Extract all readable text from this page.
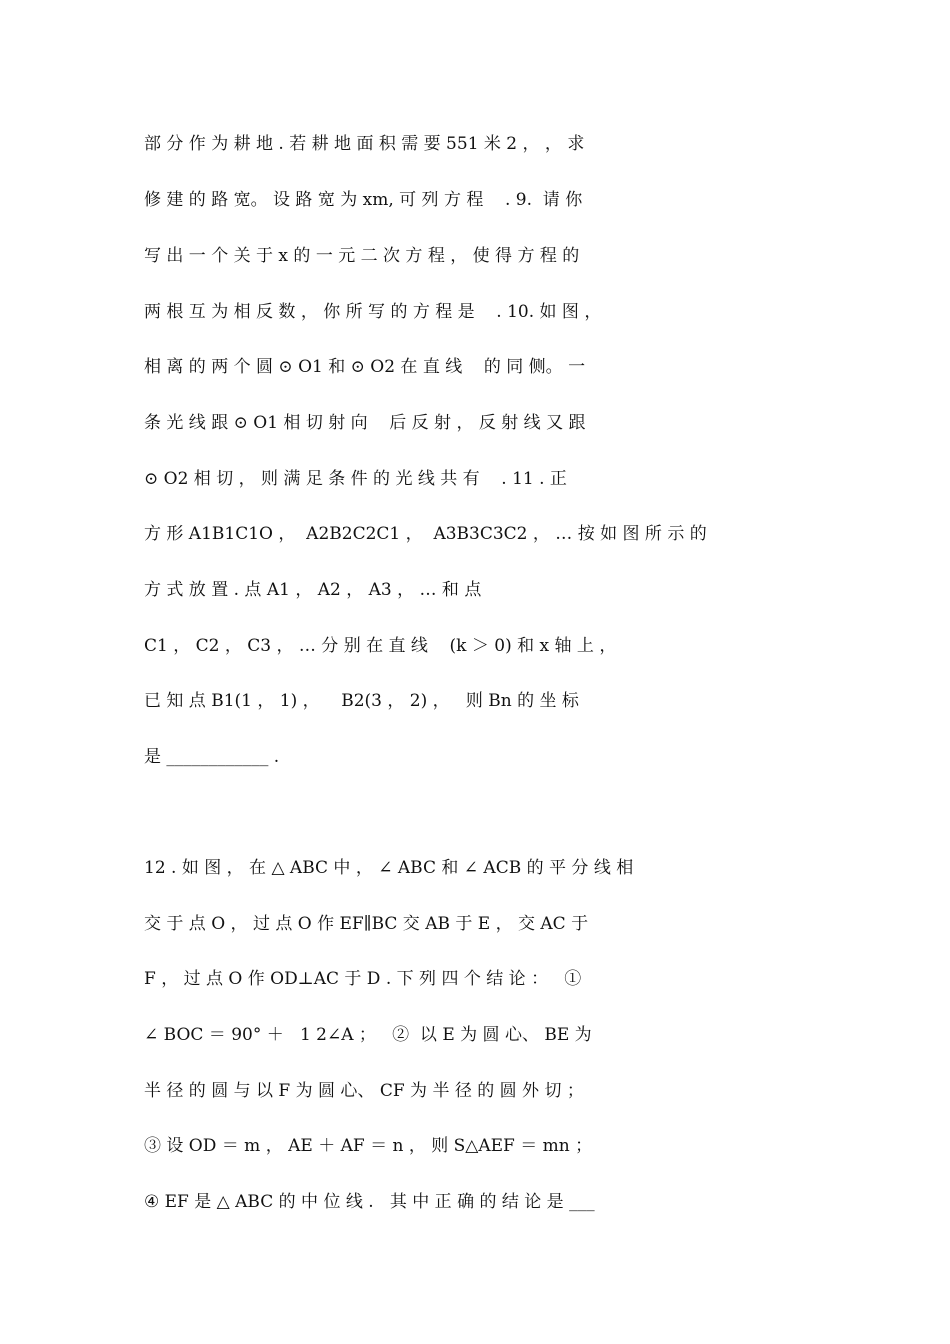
部 分 作 为 耕 地 . 若 耕 地 面 积 需 要 551 米 2 ， ， 求
修 建 的 路 宽。 设 路 宽 为 xm, 可 列 方 程    . 9.  请 你
写 出 一 个 关 于 x 的 一 元 二 次 方 程 ， 使 得 方 程 的
两 根 互 为 相 反 数 ， 你 所 写 的 方 程 是    . 10. 如 图 ，
相 离 的 两 个 圆 ⊙ O1 和 ⊙ O2 在 直 线    的 同 侧。 一
条 光 线 跟 ⊙ O1 相 切 射 向    后 反 射 ， 反 射 线 又 跟
⊙ O2 相 切 ， 则 满 足 条 件 的 光 线 共 有    . 11 . 正
方 形 A1B1C1O ，  A2B2C2C1 ，  A3B3C3C2 ， … 按 如 图 所 示 的
方 式 放 置 . 点 A1 ， A2 ， A3 ， … 和 点
C1 ， C2 ， C3 ， … 分 别 在 直 线    (k ＞ 0) 和 x 轴 上 ，
已 知 点 B1(1 ， 1) ，    B2(3 ， 2) ，   则 Bn 的 坐 标
是 ____________ .
12 . 如 图 ， 在 △ ABC 中 ， ∠ ABC 和 ∠ ACB 的 平 分 线 相
交 于 点 O ， 过 点 O 作 EF∥BC 交 AB 于 E ， 交 AC 于
F ， 过 点 O 作 OD⊥AC 于 D . 下 列 四 个 结 论 ：   ①
∠ BOC ＝ 90° ＋   1 2∠A ；   ②  以 E 为 圆 心、 BE 为
半 径 的 圆 与 以 F 为 圆 心、 CF 为 半 径 的 圆 外 切 ；
③ 设 OD ＝ m ， AE ＋ AF ＝ n ， 则 S△AEF ＝ mn ；
④ EF 是 △ ABC 的 中 位 线 .   其 中 正 确 的 结 论 是 ___
